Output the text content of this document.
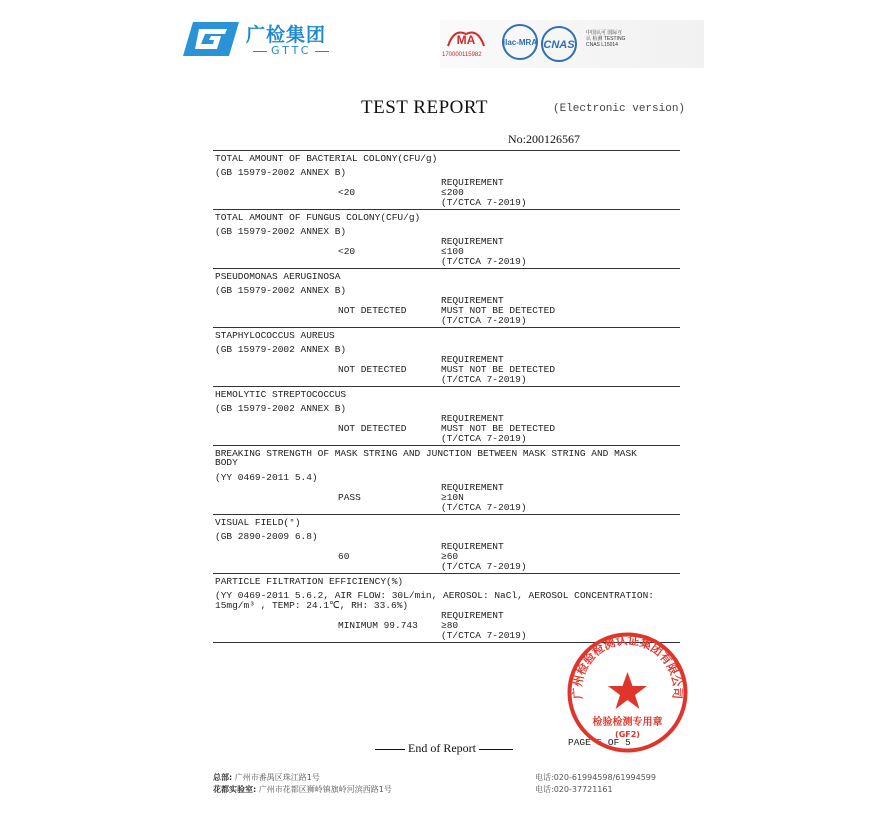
广检集团
GTTC
MA
170000115982
ilac-MRA CNAS
中国认可 国际互认 检测 TESTING CNAS L15014
TEST REPORT	(Electronic version)
No:200126567
TOTAL AMOUNT OF BACTERIAL COLONY(CFU/g)
(GB 15979-2002 ANNEX B)
REQUIREMENT
<20	≤200
(T/CTCA 7-2019)
TOTAL AMOUNT OF FUNGUS COLONY(CFU/g)
(GB 15979-2002 ANNEX B)
REQUIREMENT
<20	≤100
(T/CTCA 7-2019)
PSEUDOMONAS AERUGINOSA
(GB 15979-2002 ANNEX B)
REQUIREMENT
NOT DETECTED	MUST NOT BE DETECTED
(T/CTCA 7-2019)
STAPHYLOCOCCUS AUREUS
(GB 15979-2002 ANNEX B)
REQUIREMENT
NOT DETECTED	MUST NOT BE DETECTED
(T/CTCA 7-2019)
HEMOLYTIC STREPTOCOCCUS
(GB 15979-2002 ANNEX B)
REQUIREMENT
NOT DETECTED	MUST NOT BE DETECTED
(T/CTCA 7-2019)
BREAKING STRENGTH OF MASK STRING AND JUNCTION BETWEEN MASK STRING AND MASK
BODY
(YY 0469-2011 5.4)
REQUIREMENT
PASS	≥10N
(T/CTCA 7-2019)
VISUAL FIELD(°)
(GB 2890-2009 6.8)
REQUIREMENT
60	≥60
(T/CTCA 7-2019)
PARTICLE FILTRATION EFFICIENCY(%)
(YY 0469-2011 5.6.2, AIR FLOW: 30L/min, AEROSOL: NaCl, AEROSOL CONCENTRATION:
15mg/m³ , TEMP: 24.1℃, RH: 33.6%)
REQUIREMENT
MINIMUM 99.743 ≥80
(T/CTCA 7-2019)
End of Report	PAGE 5 OF 5
广州检验检测认证集团有限公司
检验检测专用章
(GF2)
总部: 广州市番禺区珠江路1号
花都实验室: 广州市花都区狮岭镇旗岭河滨西路1号
电话:020-61994598/61994599
电话:020-37721161
